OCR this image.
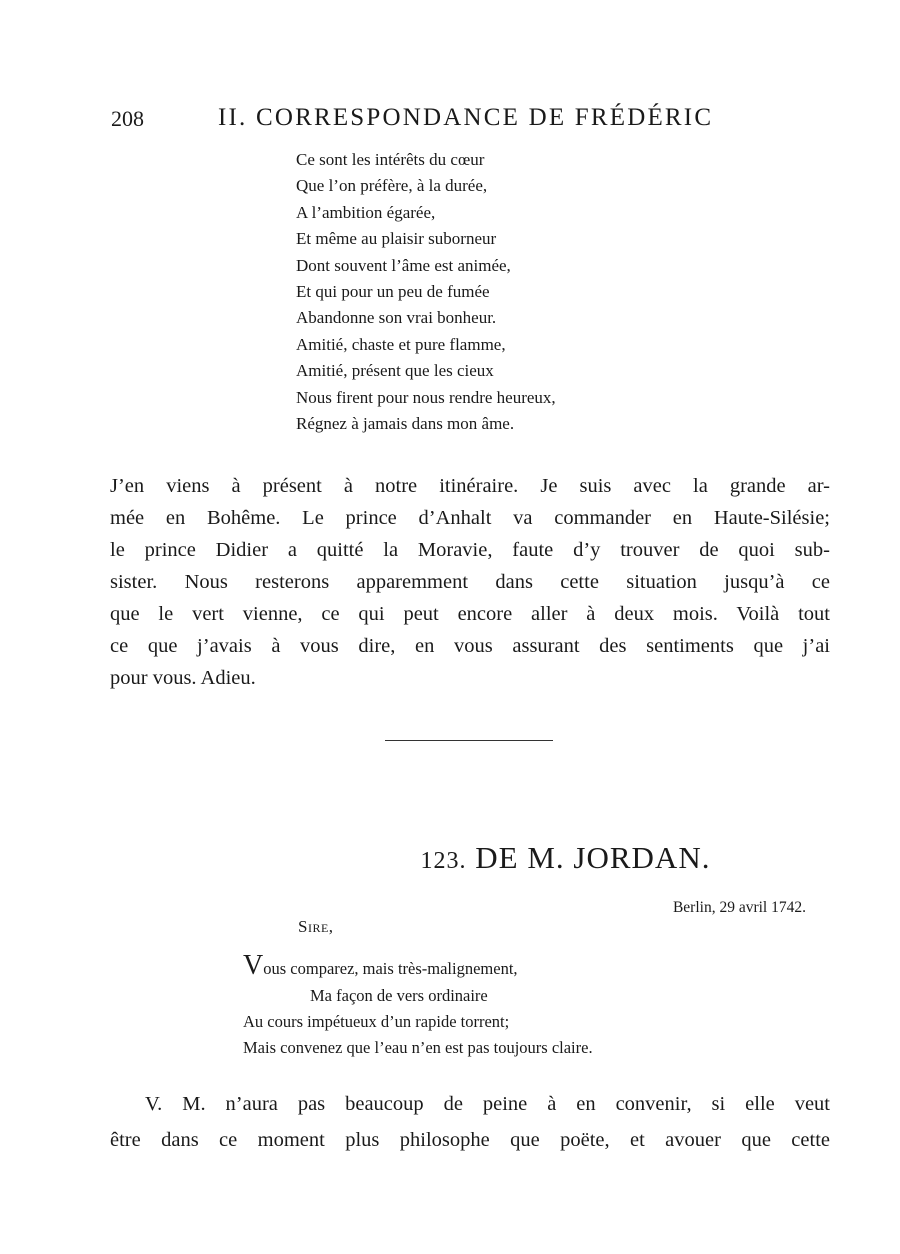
208	II. CORRESPONDANCE DE FRÉDÉRIC
Ce sont les intérêts du cœur
Que l’on préfère, à la durée,
A l’ambition égarée,
Et même au plaisir suborneur
Dont souvent l’âme est animée,
Et qui pour un peu de fumée
Abandonne son vrai bonheur.
Amitié, chaste et pure flamme,
Amitié, présent que les cieux
Nous firent pour nous rendre heureux,
Régnez à jamais dans mon âme.
J’en viens à présent à notre itinéraire. Je suis avec la grande ar-
mée en Bohême. Le prince d’Anhalt va commander en Haute-Silésie;
le prince Didier a quitté la Moravie, faute d’y trouver de quoi sub-
sister. Nous resterons apparemment dans cette situation jusqu’à ce
que le vert vienne, ce qui peut encore aller à deux mois. Voilà tout
ce que j’avais à vous dire, en vous assurant des sentiments que j’ai
pour vous. Adieu.
123. DE M. JORDAN.
Berlin, 29 avril 1742.
Sire,
Vous comparez, mais très-malignement,
Ma façon de vers ordinaire
Au cours impétueux d’un rapide torrent;
Mais convenez que l’eau n’en est pas toujours claire.
V. M. n’aura pas beaucoup de peine à en convenir, si elle veut
être dans ce moment plus philosophe que poëte, et avouer que cette
